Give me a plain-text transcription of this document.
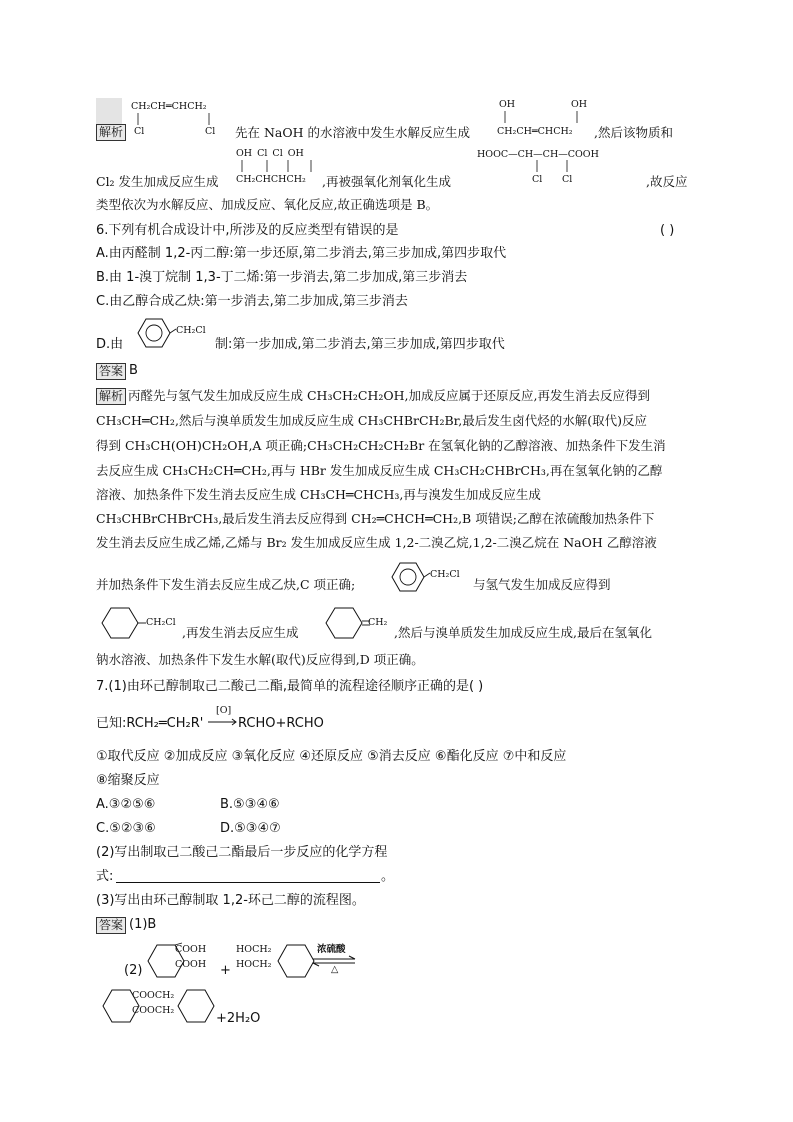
解析
CH₂CH═CHCH₂
Cl	Cl 先在 NaOH 的水溶液中发生水解反应生成
OH	OH
CH₂CH═CHCH₂ ,然后该物质和
Cl₂ 发生加成反应生成
OH Cl Cl OH
CH₂CHCHCH₂ ,再被强氧化剂氧化生成
HOOC—CH—CH—COOH
Cl Cl	,故反应
类型依次为水解反应、加成反应、氧化反应,故正确选项是 B。
6.下列有机合成设计中,所涉及的反应类型有错误的是	( )
A.由丙醛制 1,2-丙二醇:第一步还原,第二步消去,第三步加成,第四步取代
B.由 1-溴丁烷制 1,3-丁二烯:第一步消去,第二步加成,第三步消去
C.由乙醇合成乙炔:第一步消去,第二步加成,第三步消去
D.由
CH₂Cl
制:第一步加成,第二步消去,第三步加成,第四步取代
答案 B
解析 丙醛先与氢气发生加成反应生成 CH₃CH₂CH₂OH,加成反应属于还原反应,再发生消去反应得到
CH₃CH═CH₂,然后与溴单质发生加成反应生成 CH₃CHBrCH₂Br,最后发生卤代烃的水解(取代)反应
得到 CH₃CH(OH)CH₂OH,A 项正确;CH₃CH₂CH₂CH₂Br 在氢氧化钠的乙醇溶液、加热条件下发生消
去反应生成 CH₃CH₂CH═CH₂,再与 HBr 发生加成反应生成 CH₃CH₂CHBrCH₃,再在氢氧化钠的乙醇
溶液、加热条件下发生消去反应生成 CH₃CH═CHCH₃,再与溴发生加成反应生成
CH₃CHBrCHBrCH₃,最后发生消去反应得到 CH₂═CHCH═CH₂,B 项错误;乙醇在浓硫酸加热条件下
发生消去反应生成乙烯,乙烯与 Br₂ 发生加成反应生成 1,2-二溴乙烷,1,2-二溴乙烷在 NaOH 乙醇溶液
并加热条件下发生消去反应生成乙炔,C 项正确;
CH₂Cl
与氢气发生加成反应得到
CH₂Cl
,再发生消去反应生成
CH₂
,然后与溴单质发生加成反应生成,最后在氢氧化
钠水溶液、加热条件下发生水解(取代)反应得到,D 项正确。
7.(1)由环己醇制取己二酸己二酯,最简单的流程途径顺序正确的是( )
已知:RCH₂═CH₂R'
[O]
→ RCHO+RCHO
①取代反应 ②加成反应 ③氧化反应 ④还原反应 ⑤消去反应 ⑥酯化反应 ⑦中和反应
⑧缩聚反应
A.③②⑤⑥	B.⑤③④⑥
C.⑤②③⑥	D.⑤③④⑦
(2)写出制取己二酸己二酯最后一步反应的化学方程
式:	。
(3)写出由环己醇制取 1,2-环己二醇的流程图。
答案 (1)B
(2)
COOH
COOH +
HOCH₂
HOCH₂
浓硫酸
△
COOCH₂
COOCH₂
+2H₂O
